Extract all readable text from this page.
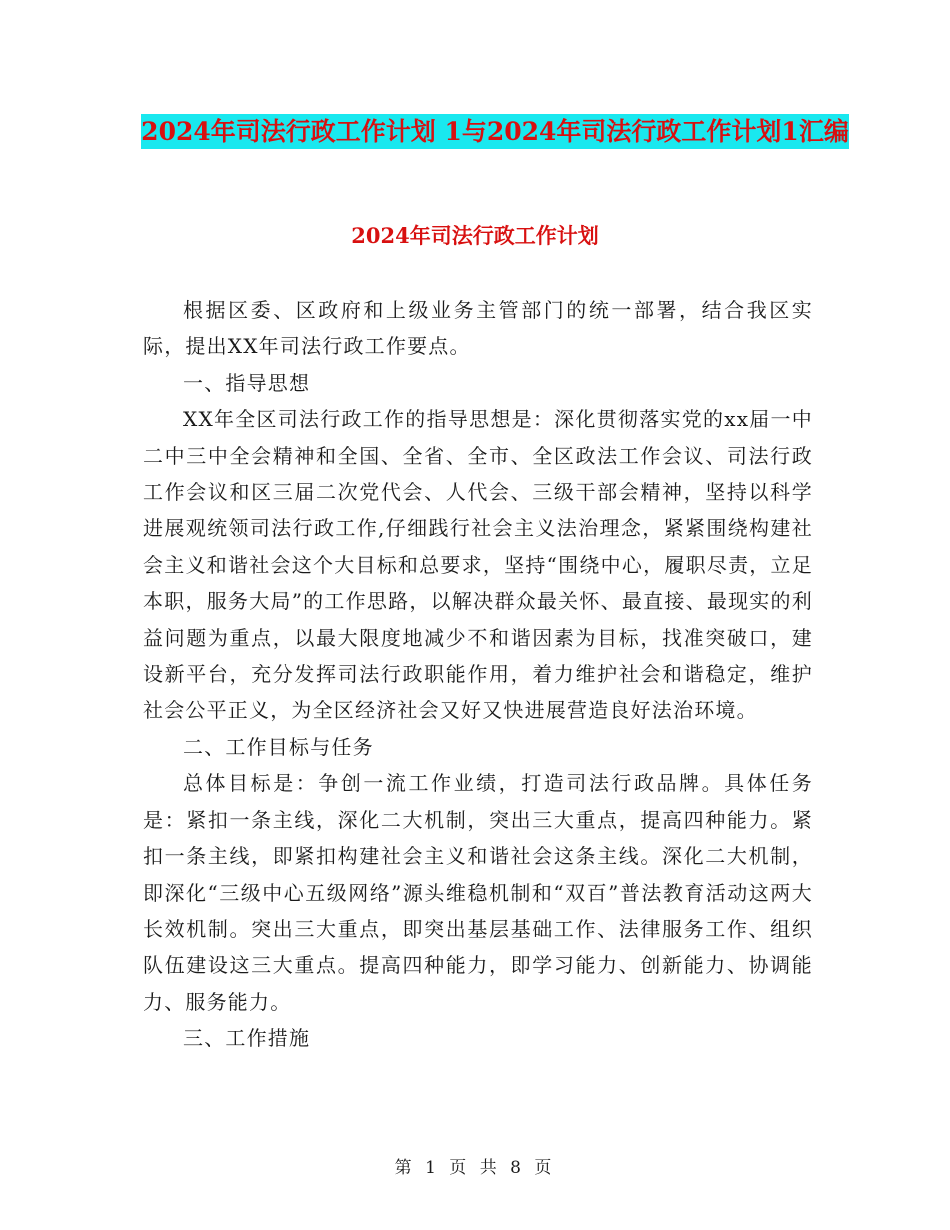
2024年司法行政工作计划 1与2024年司法行政工作计划1汇编
2024年司法行政工作计划

根据区委、区政府和上级业务主管部门的统一部署，结合我区实际，提出XX年司法行政工作要点。

一、指导思想

XX年全区司法行政工作的指导思想是：深化贯彻落实党的xx届一中二中三中全会精神和全国、全省、全市、全区政法工作会议、司法行政工作会议和区三届二次党代会、人代会、三级干部会精神，坚持以科学进展观统领司法行政工作,仔细践行社会主义法治理念，紧紧围绕构建社会主义和谐社会这个大目标和总要求，坚持“围绕中心，履职尽责，立足本职，服务大局”的工作思路，以解决群众最关怀、最直接、最现实的利益问题为重点，以最大限度地减少不和谐因素为目标，找准突破口，建设新平台，充分发挥司法行政职能作用，着力维护社会和谐稳定，维护社会公平正义，为全区经济社会又好又快进展营造良好法治环境。

二、工作目标与任务

总体目标是：争创一流工作业绩，打造司法行政品牌。具体任务是：紧扣一条主线，深化二大机制，突出三大重点，提高四种能力。紧扣一条主线，即紧扣构建社会主义和谐社会这条主线。深化二大机制，即深化“三级中心五级网络”源头维稳机制和“双百”普法教育活动这两大长效机制。突出三大重点，即突出基层基础工作、法律服务工作、组织队伍建设这三大重点。提高四种能力，即学习能力、创新能力、协调能力、服务能力。

三、工作措施

第 1 页 共 8 页
